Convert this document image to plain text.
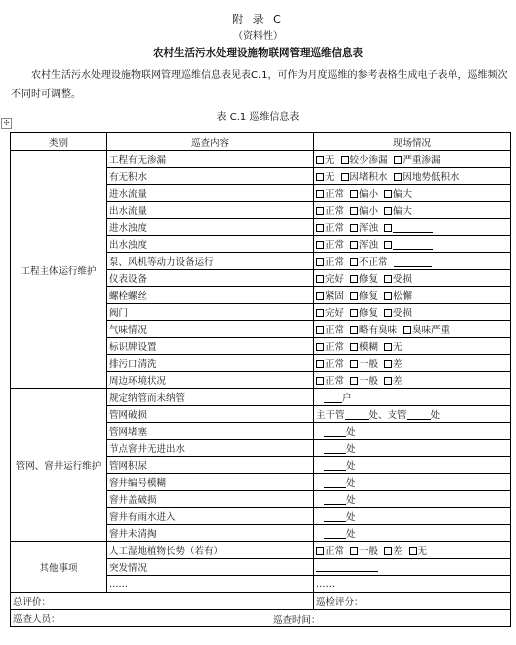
附 录 C
（资料性）
农村生活污水处理设施物联网管理巡维信息表
农村生活污水处理设施物联网管理巡维信息表见表C.1，可作为月度巡维的参考表格生成电子表单，巡维频次不同时可调整。
表 C.1 巡维信息表
✣
类别	巡查内容	现场情况
工程主体运行维护	工程有无渗漏	无 较少渗漏 严重渗漏
	有无积水	无 因堵积水 因地势低积水
	进水流量	正常 偏小 偏大
	出水流量	正常 偏小 偏大
	进水浊度	正常 浑浊
	出水浊度	正常 浑浊
	泵、风机等动力设备运行	正常 不正常
	仪表设备	完好 修复 受损
	螺栓螺丝	紧固 修复 松懈
	阀门	完好 修复 受损
	气味情况	正常 略有臭味 臭味严重
	标识牌设置	正常 模糊 无
	排污口清洗	正常 一般 差
	周边环境状况	正常 一般 差
管网、窨井运行维护	规定纳管而未纳管	户
	管网破损	主干管 处、支管 处
	管网堵塞	处
	节点窨井无进出水	处
	管网积尿	处
	窨井编号模糊	处
	窨井盖破损	处
	窨井有雨水进入	处
	窨井未清掏	处
其他事项	人工湿地植物长势（若有）	正常 一般 差 无
	突发情况	
	……	……
总评价：		巡检评分：
巡查人员： 巡查时间：		
